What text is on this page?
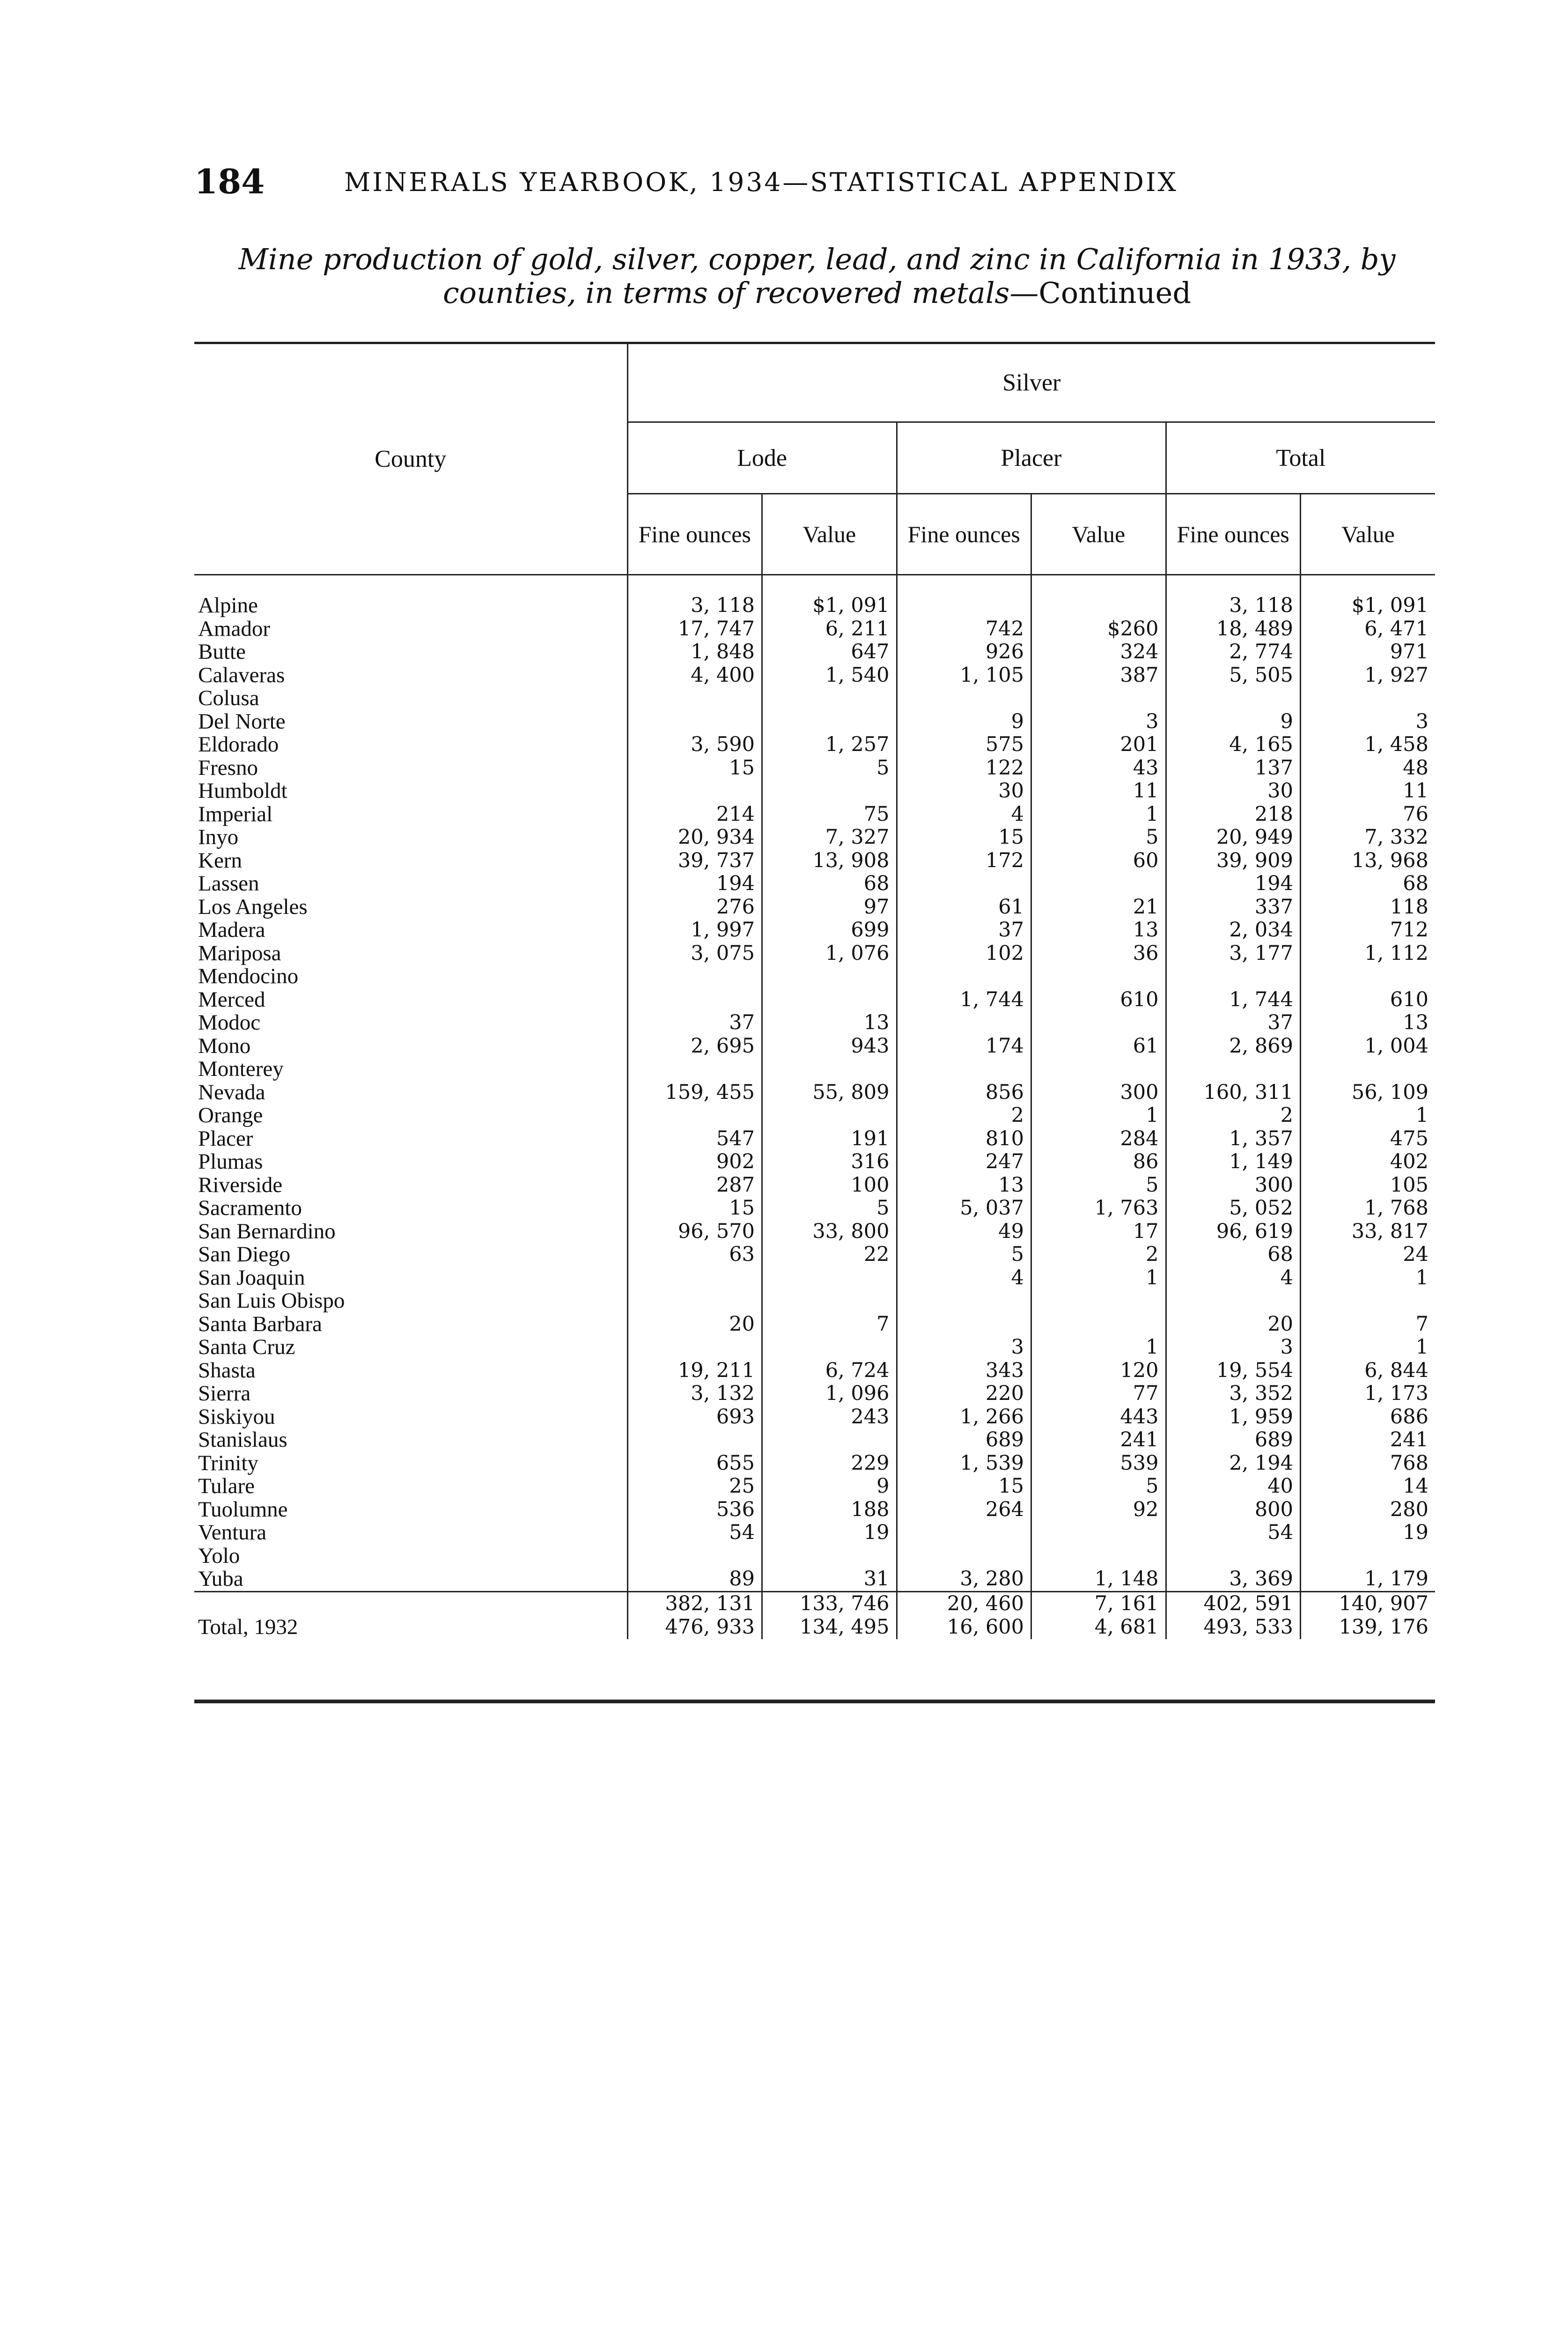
184	MINERALS YEARBOOK, 1934—STATISTICAL APPENDIX
Mine production of gold, silver, copper, lead, and zinc in California in 1933, by counties, in terms of recovered metals—Continued
County	Silver					
	Lode		Placer		Total	
	Fine ounces	Value	Fine ounces	Value	Fine ounces	Value

Alpine	3, 118	$1, 091			3, 118	$1, 091
Amador	17, 747	6, 211	742	$260	18, 489	6, 471
Butte	1, 848	647	926	324	2, 774	971
Calaveras	4, 400	1, 540	1, 105	387	5, 505	1, 927
Colusa						
Del Norte			9	3	9	3
Eldorado	3, 590	1, 257	575	201	4, 165	1, 458
Fresno	15	5	122	43	137	48
Humboldt			30	11	30	11
Imperial	214	75	4	1	218	76
Inyo	20, 934	7, 327	15	5	20, 949	7, 332
Kern	39, 737	13, 908	172	60	39, 909	13, 968
Lassen	194	68			194	68
Los Angeles	276	97	61	21	337	118
Madera	1, 997	699	37	13	2, 034	712
Mariposa	3, 075	1, 076	102	36	3, 177	1, 112
Mendocino						
Merced			1, 744	610	1, 744	610
Modoc	37	13			37	13
Mono	2, 695	943	174	61	2, 869	1, 004
Monterey						
Nevada	159, 455	55, 809	856	300	160, 311	56, 109
Orange			2	1	2	1
Placer	547	191	810	284	1, 357	475
Plumas	902	316	247	86	1, 149	402
Riverside	287	100	13	5	300	105
Sacramento	15	5	5, 037	1, 763	5, 052	1, 768
San Bernardino	96, 570	33, 800	49	17	96, 619	33, 817
San Diego	63	22	5	2	68	24
San Joaquin			4	1	4	1
San Luis Obispo						
Santa Barbara	20	7			20	7
Santa Cruz			3	1	3	1
Shasta	19, 211	6, 724	343	120	19, 554	6, 844
Sierra	3, 132	1, 096	220	77	3, 352	1, 173
Siskiyou	693	243	1, 266	443	1, 959	686
Stanislaus			689	241	689	241
Trinity	655	229	1, 539	539	2, 194	768
Tulare	25	9	15	5	40	14
Tuolumne	536	188	264	92	800	280
Ventura	54	19			54	19
Yolo						
Yuba	89	31	3, 280	1, 148	3, 369	1, 179
	382, 131	133, 746	20, 460	7, 161	402, 591	140, 907
Total, 1932	476, 933	134, 495	16, 600	4, 681	493, 533	139, 176
